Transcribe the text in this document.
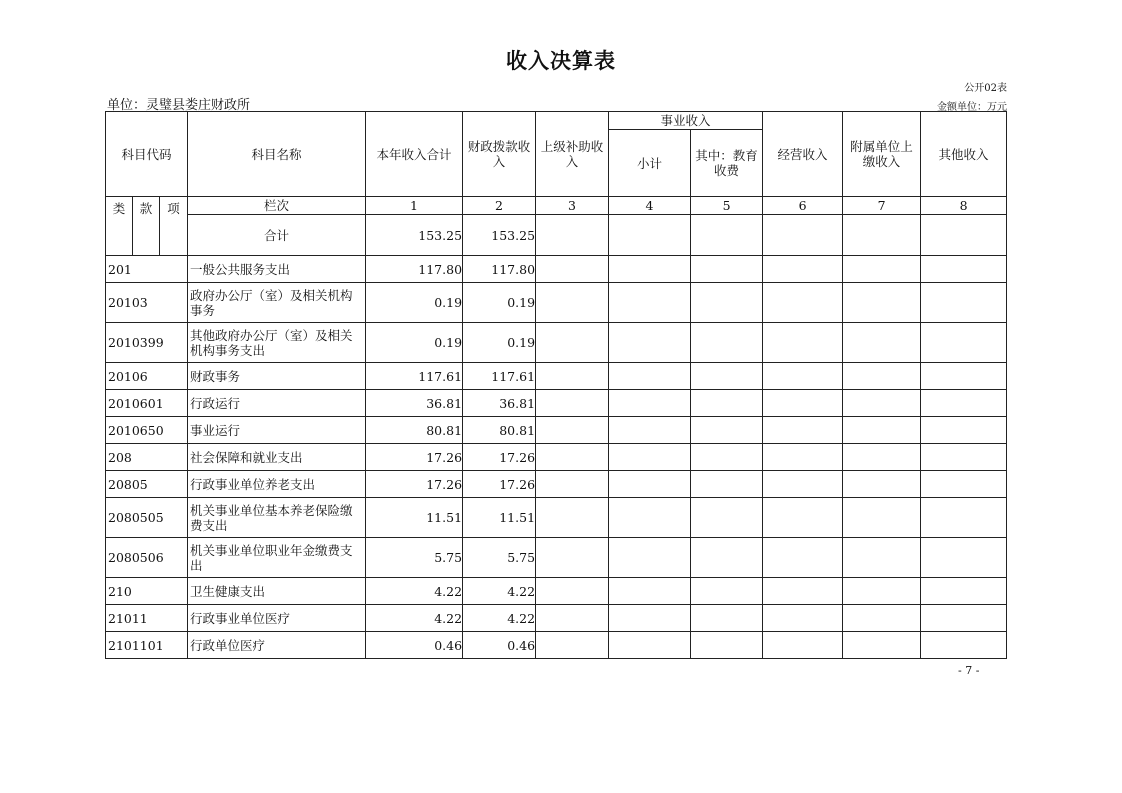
收入决算表
公开02表
单位：灵璧县娄庄财政所	金额单位：万元
科目代码			科目名称	本年收入合计	财政拨款收入	上级补助收入	事业收入		经营收入	附属单位上缴收入	其他收入
							小计	其中：教育收费			
类	款	项	栏次	1	2	3	4	5	6	7	8
			合计	153.25	153.25						
201			一般公共服务支出	117.80	117.80						
20103			政府办公厅（室）及相关机构事务	0.19	0.19						
2010399			其他政府办公厅（室）及相关机构事务支出	0.19	0.19						
20106			财政事务	117.61	117.61						
2010601			行政运行	36.81	36.81						
2010650			事业运行	80.81	80.81						
208			社会保障和就业支出	17.26	17.26						
20805			行政事业单位养老支出	17.26	17.26						
2080505			机关事业单位基本养老保险缴费支出	11.51	11.51						
2080506			机关事业单位职业年金缴费支出	5.75	5.75						
210			卫生健康支出	4.22	4.22						
21011			行政事业单位医疗	4.22	4.22						
2101101			行政单位医疗	0.46	0.46						
- 7 -
